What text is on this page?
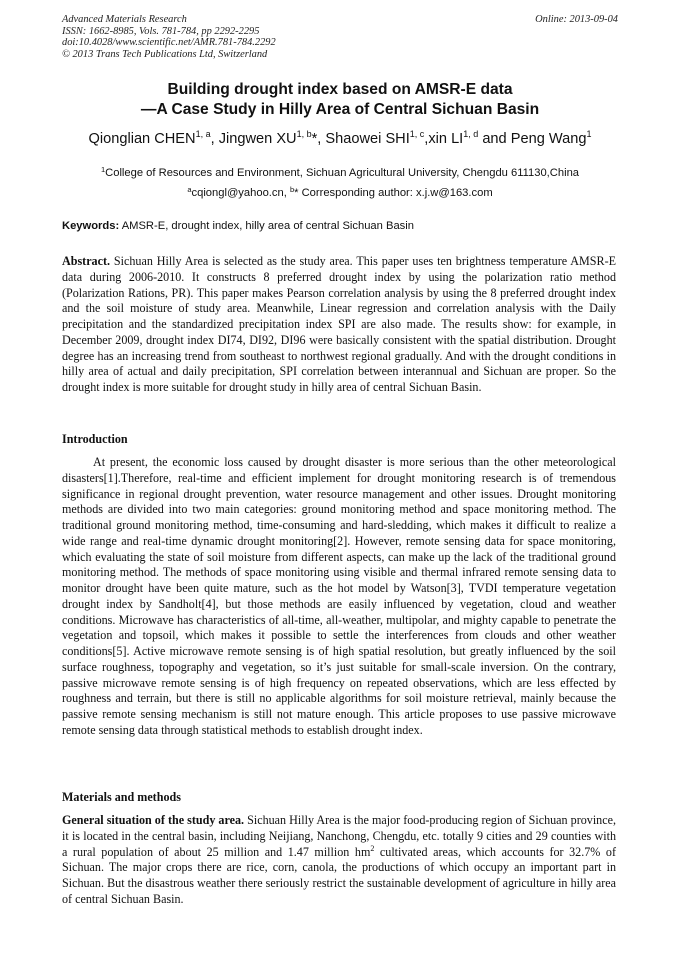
Advanced Materials Research
ISSN: 1662-8985, Vols. 781-784, pp 2292-2295
doi:10.4028/www.scientific.net/AMR.781-784.2292
© 2013 Trans Tech Publications Ltd, Switzerland
Online: 2013-09-04
Building drought index based on AMSR-E data
—A Case Study in Hilly Area of Central Sichuan Basin
Qionglian CHEN$^{1, a}$, Jingwen XU$^{1, b}$*, Shaowei SHI$^{1, c}$,xin LI$^{1, d}$ and Peng Wang$^1$
$^1$College of Resources and Environment, Sichuan Agricultural University, Chengdu 611130,China
$^a$cqiongl@yahoo.cn, $^b$* Corresponding author: x.j.w@163.com
Keywords: AMSR-E, drought index, hilly area of central Sichuan Basin
Abstract. Sichuan Hilly Area is selected as the study area. This paper uses ten brightness temperature AMSR-E data during 2006-2010. It constructs 8 preferred drought index by using the polarization ratio method (Polarization Rations, PR). This paper makes Pearson correlation analysis by using the 8 preferred drought index and the soil moisture of study area. Meanwhile, Linear regression and correlation analysis with the Daily precipitation and the standardized precipitation index SPI are also made. The results show: for example, in December 2009, drought index DI74, DI92, DI96 were basically consistent with the spatial distribution. Drought degree has an increasing trend from southeast to northwest regional gradually. And with the drought conditions in hilly area of actual and daily precipitation, SPI correlation between interannual and Sichuan are proper. So the drought index is more suitable for drought study in hilly area of central Sichuan Basin.
Introduction
At present, the economic loss caused by drought disaster is more serious than the other meteorological disasters[1].Therefore, real-time and efficient implement for drought monitoring research is of tremendous significance in regional drought prevention, water resource management and other issues. Drought monitoring methods are divided into two main categories: ground monitoring method and space monitoring method. The traditional ground monitoring method, time-consuming and hard-sledding, which makes it difficult to realize a wide range and real-time dynamic drought monitoring[2]. However, remote sensing data for space monitoring, which evaluating the state of soil moisture from different aspects, can make up the lack of the traditional ground monitoring method. The methods of space monitoring using visible and thermal infrared remote sensing data to monitor drought have been quite mature, such as the hot model by Watson[3], TVDI temperature vegetation drought index by Sandholt[4], but those methods are easily influenced by vegetation, cloud and weather conditions. Microwave has characteristics of all-time, all-weather, multipolar, and mighty capable to penetrate the vegetation and topsoil, which makes it possible to settle the interferences from clouds and other weather conditions[5]. Active microwave remote sensing is of high spatial resolution, but greatly influenced by the soil surface roughness, topography and vegetation, so it’s just suitable for small-scale inversion. On the contrary, passive microwave remote sensing is of high frequency on repeated observations, which are less effected by roughness and terrain, but there is still no applicable algorithms for soil moisture retrieval, mainly because the passive remote sensing mechanism is still not mature enough. This article proposes to use passive microwave remote sensing data through statistical methods to establish drought index.
Materials and methods
General situation of the study area. Sichuan Hilly Area is the major food-producing region of Sichuan province, it is located in the central basin, including Neijiang, Nanchong, Chengdu, etc. totally 9 cities and 29 counties with a rural population of about 25 million and 1.47 million $hm^2$ cultivated areas, which accounts for 32.7% of Sichuan. The major crops there are rice, corn, canola, the productions of which occupy an important part in Sichuan. But the disastrous weather there seriously restrict the sustainable development of agriculture in hilly area of central Sichuan Basin.
